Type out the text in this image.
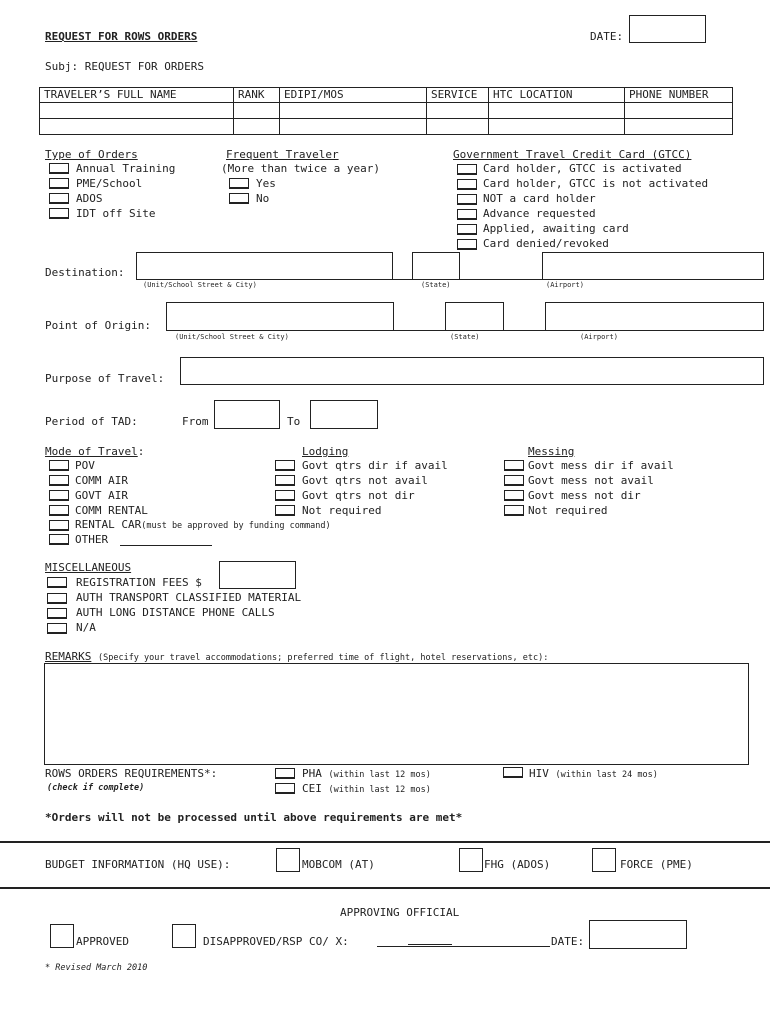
REQUEST FOR ROWS ORDERS	DATE:
Subj: REQUEST FOR ORDERS
TRAVELER’S FULL NAME	RANK	EDIPI/MOS	SERVICE	HTC LOCATION	PHONE NUMBER

Type of Orders
Annual Training
PME/School
ADOS
IDT off Site
Frequent Traveler
(More than twice a year)
Yes
No
Government Travel Credit Card (GTCC)
Card holder, GTCC is activated
Card holder, GTCC is not activated
NOT a card holder
Advance requested
Applied, awaiting card
Card denied/revoked
Destination:
(Unit/School Street & City)	(State)	(Airport)
Point of Origin:
(Unit/School Street & City)	(State)	(Airport)
Purpose of Travel:
Period of TAD:	From	To
Mode of Travel:
POV
COMM AIR
GOVT AIR
COMM RENTAL
RENTAL CAR(must be approved by funding command)
OTHER
Lodging
Govt qtrs dir if avail
Govt qtrs not avail
Govt qtrs not dir
Not required
Messing
Govt mess dir if avail
Govt mess not avail
Govt mess not dir
Not required
MISCELLANEOUS
REGISTRATION FEES $
AUTH TRANSPORT CLASSIFIED MATERIAL
AUTH LONG DISTANCE PHONE CALLS
N/A
REMARKS (Specify your travel accommodations; preferred time of flight, hotel reservations, etc):
ROWS ORDERS REQUIREMENTS*:
(check if complete)
PHA (within last 12 mos)
CEI (within last 12 mos)
HIV (within last 24 mos)
*Orders will not be processed until above requirements are met*
BUDGET INFORMATION (HQ USE):	MOBCOM (AT)	FHG (ADOS)	FORCE (PME)
APPROVING OFFICIAL
APPROVED	DISAPPROVED/RSP CO/ X:	DATE:
* Revised March 2010
